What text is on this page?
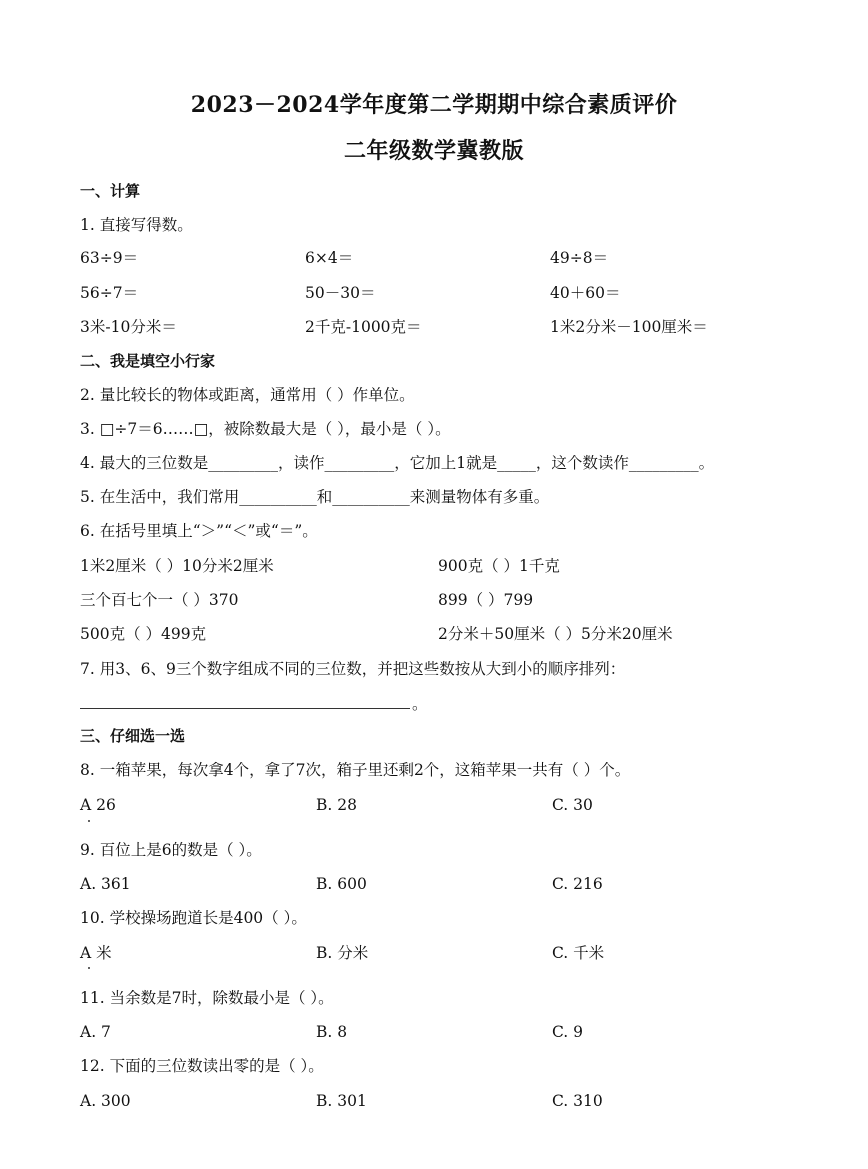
2023－2024学年度第二学期期中综合素质评价
二年级数学冀教版
一、计算
1. 直接写得数。
63÷9＝	6×4＝	49÷8＝
56÷7＝	50－30＝	40＋60＝
3米-10分米＝	2千克-1000克＝	1米2分米－100厘米＝
二、我是填空小行家
2. 量比较长的物体或距离，通常用（ ）作单位。
3. □÷7＝6……□，被除数最大是（ ），最小是（ ）。
4. 最大的三位数是_________，读作_________，它加上1就是_____，这个数读作_________。
5. 在生活中，我们常用__________和__________来测量物体有多重。
6. 在括号里填上“＞”“＜”或“＝”。
1米2厘米（ ）10分米2厘米	900克（ ）1千克
三个百七个一（ ）370	899（ ）799
500克（ ）499克	2分米＋50厘米（ ）5分米20厘米
7. 用3、6、9三个数字组成不同的三位数，并把这些数按从大到小的顺序排列：
。
三、仔细选一选
8. 一箱苹果，每次拿4个，拿了7次，箱子里还剩2个，这箱苹果一共有（ ）个。
A 26	B. 28	C. 30
9. 百位上是6的数是（ ）。
A. 361	B. 600	C. 216
10. 学校操场跑道长是400（ ）。
A 米	B. 分米	C. 千米
11. 当余数是7时，除数最小是（ ）。
A. 7	B. 8	C. 9
12. 下面的三位数读出零的是（ ）。
A. 300	B. 301	C. 310
